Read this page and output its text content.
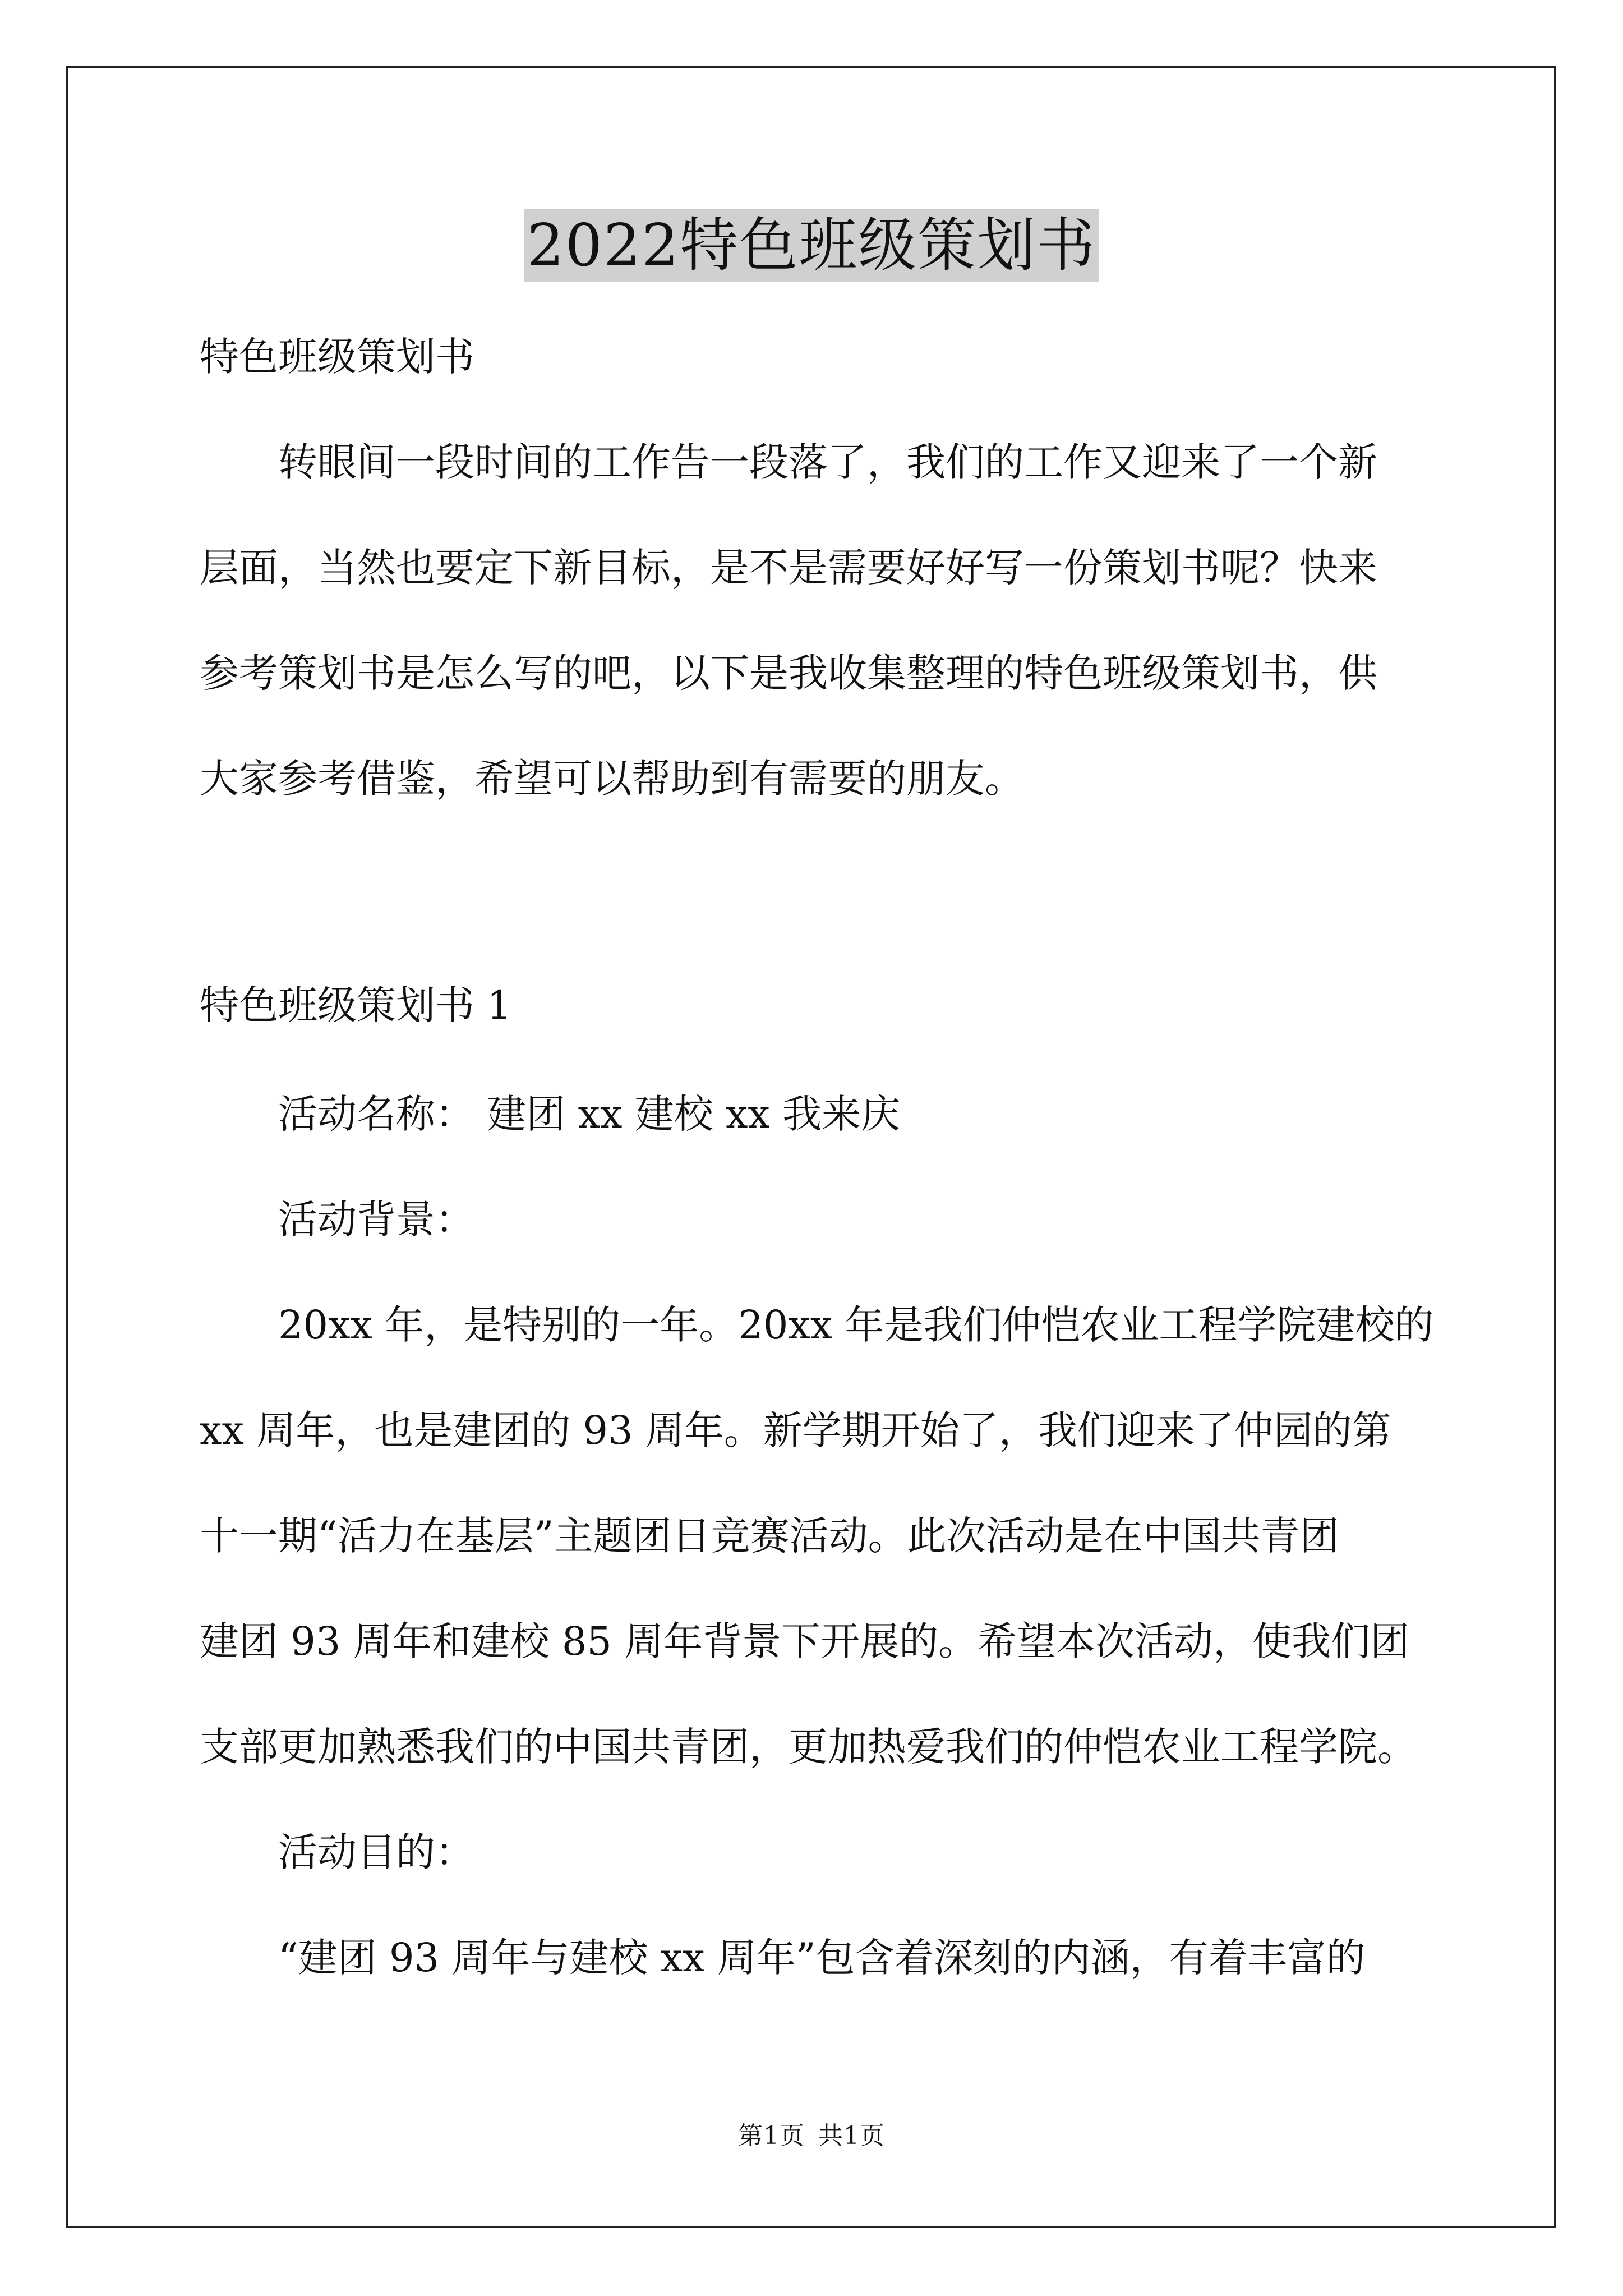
2022特色班级策划书
特色班级策划书
转眼间一段时间的工作告一段落了，我们的工作又迎来了一个新
层面，当然也要定下新目标，是不是需要好好写一份策划书呢？快来
参考策划书是怎么写的吧，以下是我收集整理的特色班级策划书，供
大家参考借鉴，希望可以帮助到有需要的朋友。
特色班级策划书 1
活动名称： 建团 xx 建校 xx 我来庆
活动背景：
20xx 年，是特别的一年。20xx 年是我们仲恺农业工程学院建校的
xx 周年，也是建团的 93 周年。新学期开始了，我们迎来了仲园的第
十一期“活力在基层”主题团日竞赛活动。此次活动是在中国共青团
建团 93 周年和建校 85 周年背景下开展的。希望本次活动，使我们团
支部更加熟悉我们的中国共青团，更加热爱我们的仲恺农业工程学院。
活动目的：
“建团 93 周年与建校 xx 周年”包含着深刻的内涵，有着丰富的
第1页 共1页
